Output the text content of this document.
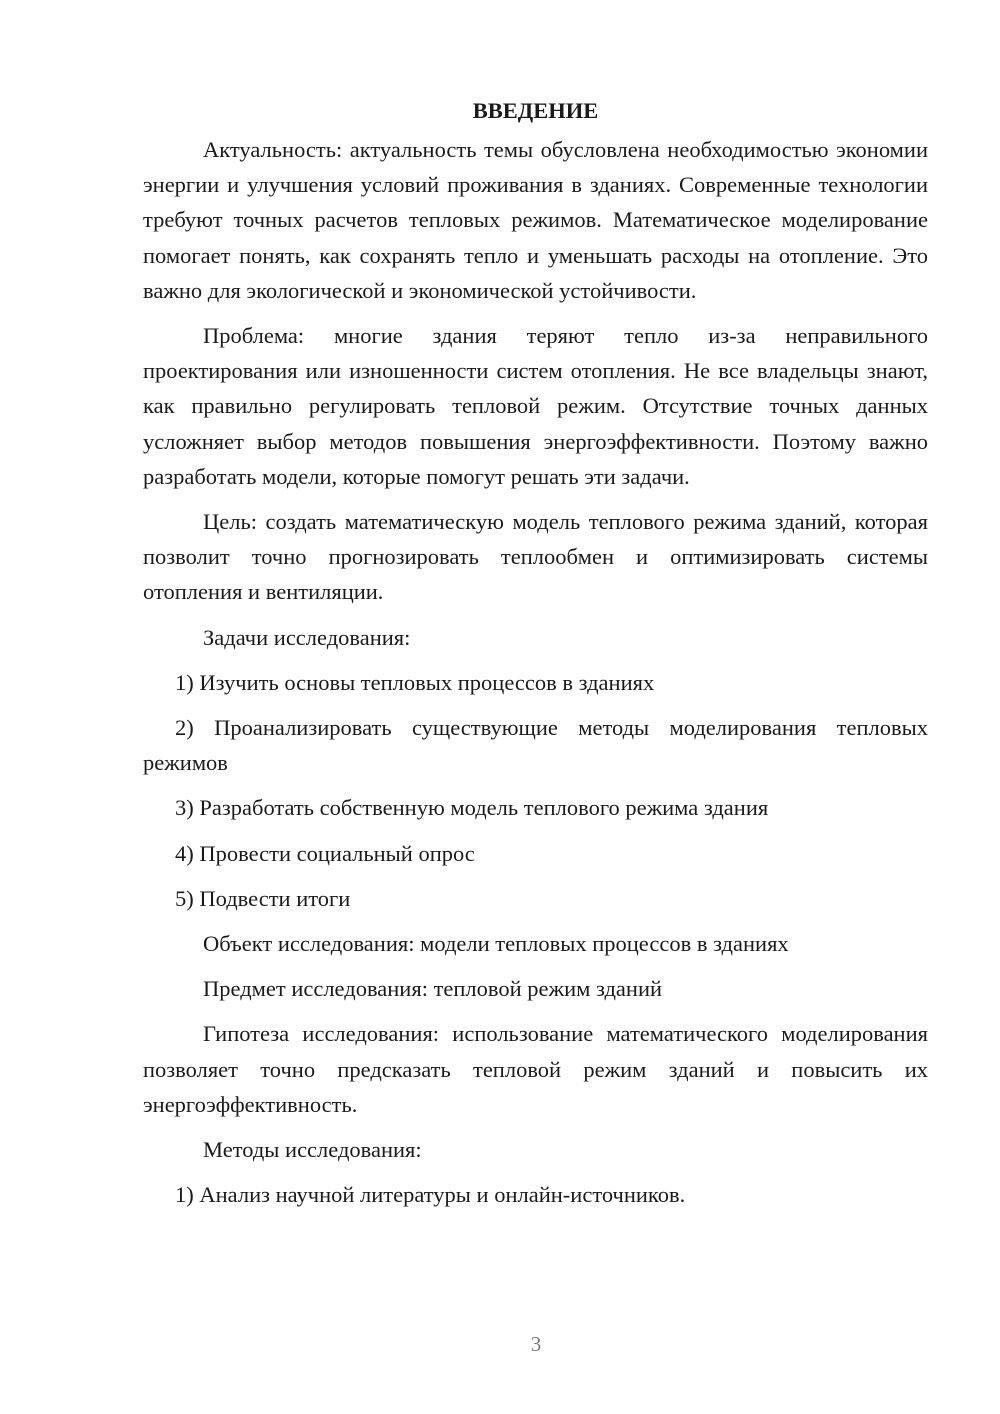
ВВЕДЕНИЕ

Актуальность: актуальность темы обусловлена необходимостью экономии энергии и улучшения условий проживания в зданиях. Современные технологии требуют точных расчетов тепловых режимов. Математическое моделирование помогает понять, как сохранять тепло и уменьшать расходы на отопление. Это важно для экологической и экономической устойчивости.

Проблема: многие здания теряют тепло из-за неправильного проектирования или изношенности систем отопления. Не все владельцы знают, как правильно регулировать тепловой режим. Отсутствие точных данных усложняет выбор методов повышения энергоэффективности. Поэтому важно разработать модели, которые помогут решать эти задачи.

Цель: создать математическую модель теплового режима зданий, которая позволит точно прогнозировать теплообмен и оптимизировать системы отопления и вентиляции.

Задачи исследования:

1) Изучить основы тепловых процессов в зданиях

2) Проанализировать существующие методы моделирования тепловых режимов

3) Разработать собственную модель теплового режима здания

4) Провести социальный опрос

5) Подвести итоги

Объект исследования: модели тепловых процессов в зданиях

Предмет исследования: тепловой режим зданий

Гипотеза исследования: использование математического моделирования позволяет точно предсказать тепловой режим зданий и повысить их энергоэффективность.

Методы исследования:

1) Анализ научной литературы и онлайн-источников.

3
